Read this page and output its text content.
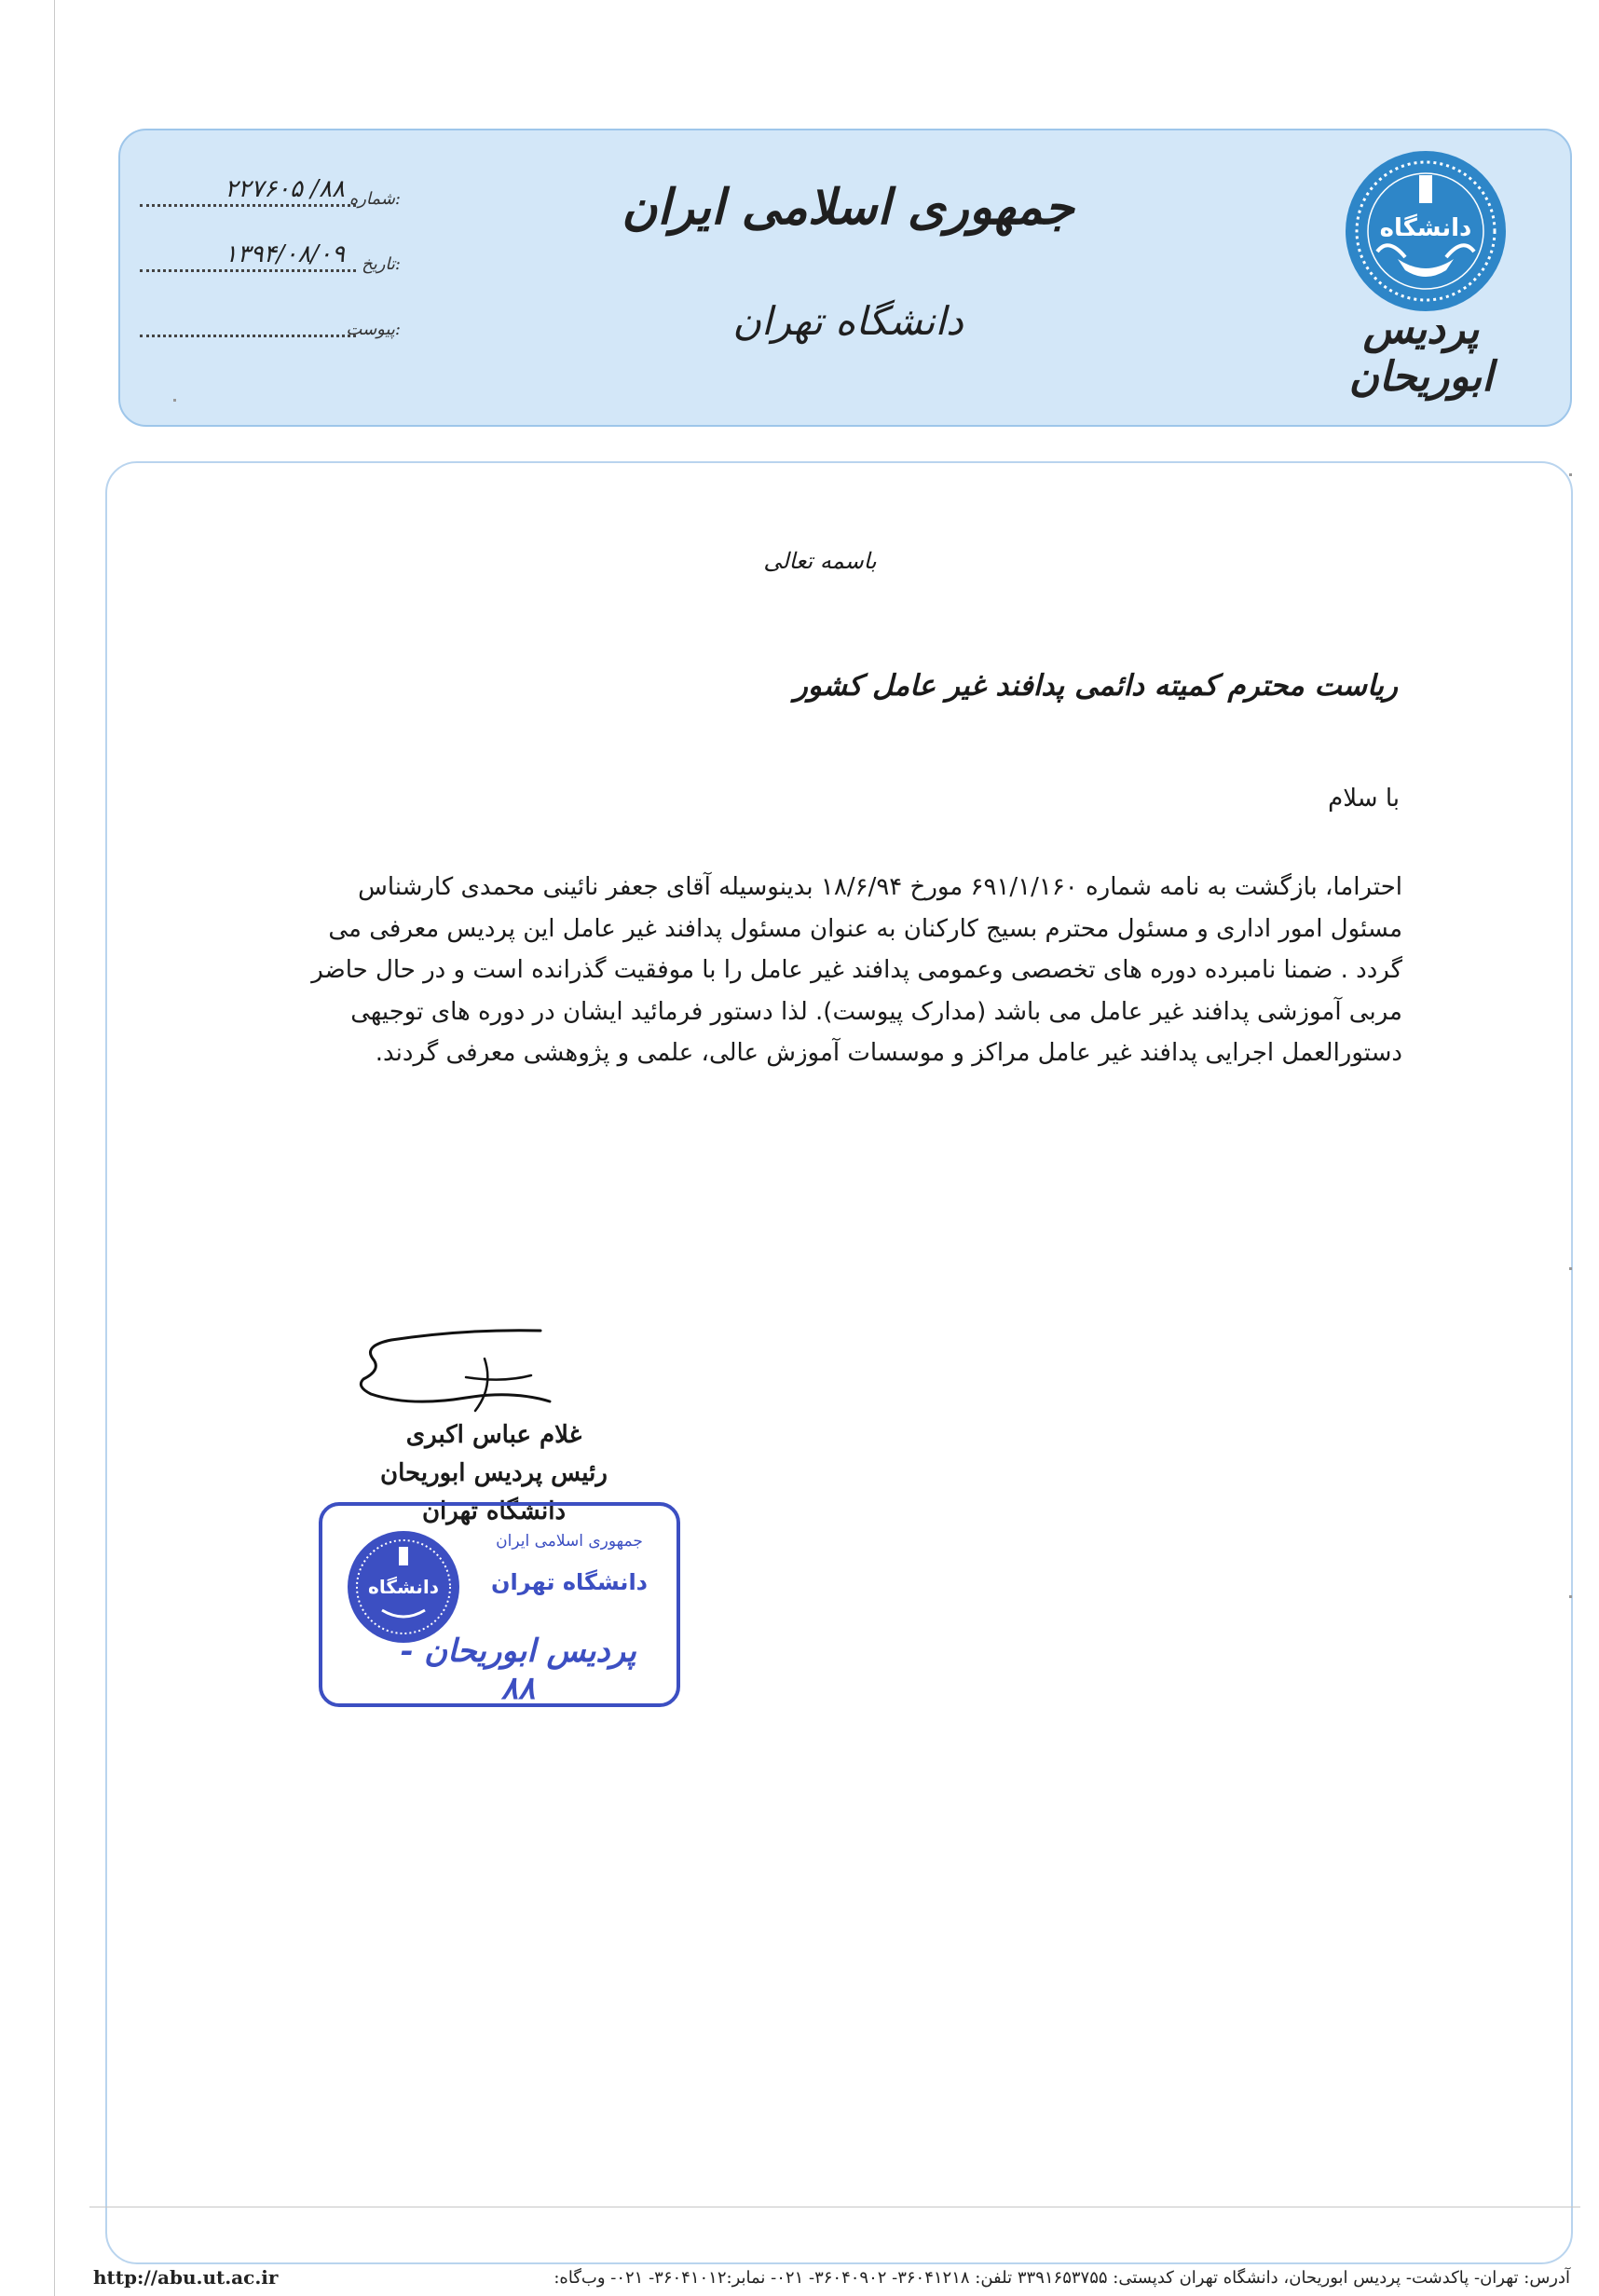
دانشگاه
پردیس ابوریحان
جمهوری اسلامی ایران
دانشگاه تهران
۸۸/ ۲۲۷۶۰۵ شماره:
۱۳۹۴/۰۸/۰۹ تاریخ:
پیوست:
باسمه تعالی
ریاست محترم کمیته دائمی پدافند غیر عامل کشور
با سلام
احتراما، بازگشت به نامه شماره ۶۹۱/۱/۱۶۰ مورخ ۱۸/۶/۹۴ بدینوسیله آقای جعفر نائینی محمدی کارشناس
مسئول امور اداری و مسئول محترم بسیج کارکنان به عنوان مسئول پدافند غیر عامل این پردیس معرفی می
گردد . ضمنا نامبرده دوره های تخصصی وعمومی پدافند غیر عامل را با موفقیت گذرانده است و در حال حاضر
مربی آموزشی پدافند غیر عامل می باشد (مدارک پیوست). لذا دستور فرمائید ایشان در دوره های توجیهی
دستورالعمل اجرایی پدافند غیر عامل مراکز و موسسات آموزش عالی، علمی و پژوهشی معرفی گردند.
غلام عباس اکبری
رئیس پردیس ابوریحان
دانشگاه تهران
دانشگاه
جمهوری اسلامی ایران
دانشگاه تهران
پردیس ابوریحان - ۸۸
http://abu.ut.ac.ir	آدرس: تهران- پاکدشت- پردیس ابوریحان، دانشگاه تهران کدپستی: ۳۳۹۱۶۵۳۷۵۵ تلفن: ۳۶۰۴۱۲۱۸- ۳۶۰۴۰۹۰۲- ۰۲۱- نمابر:۳۶۰۴۱۰۱۲- ۰۲۱- وب‌گاه:
